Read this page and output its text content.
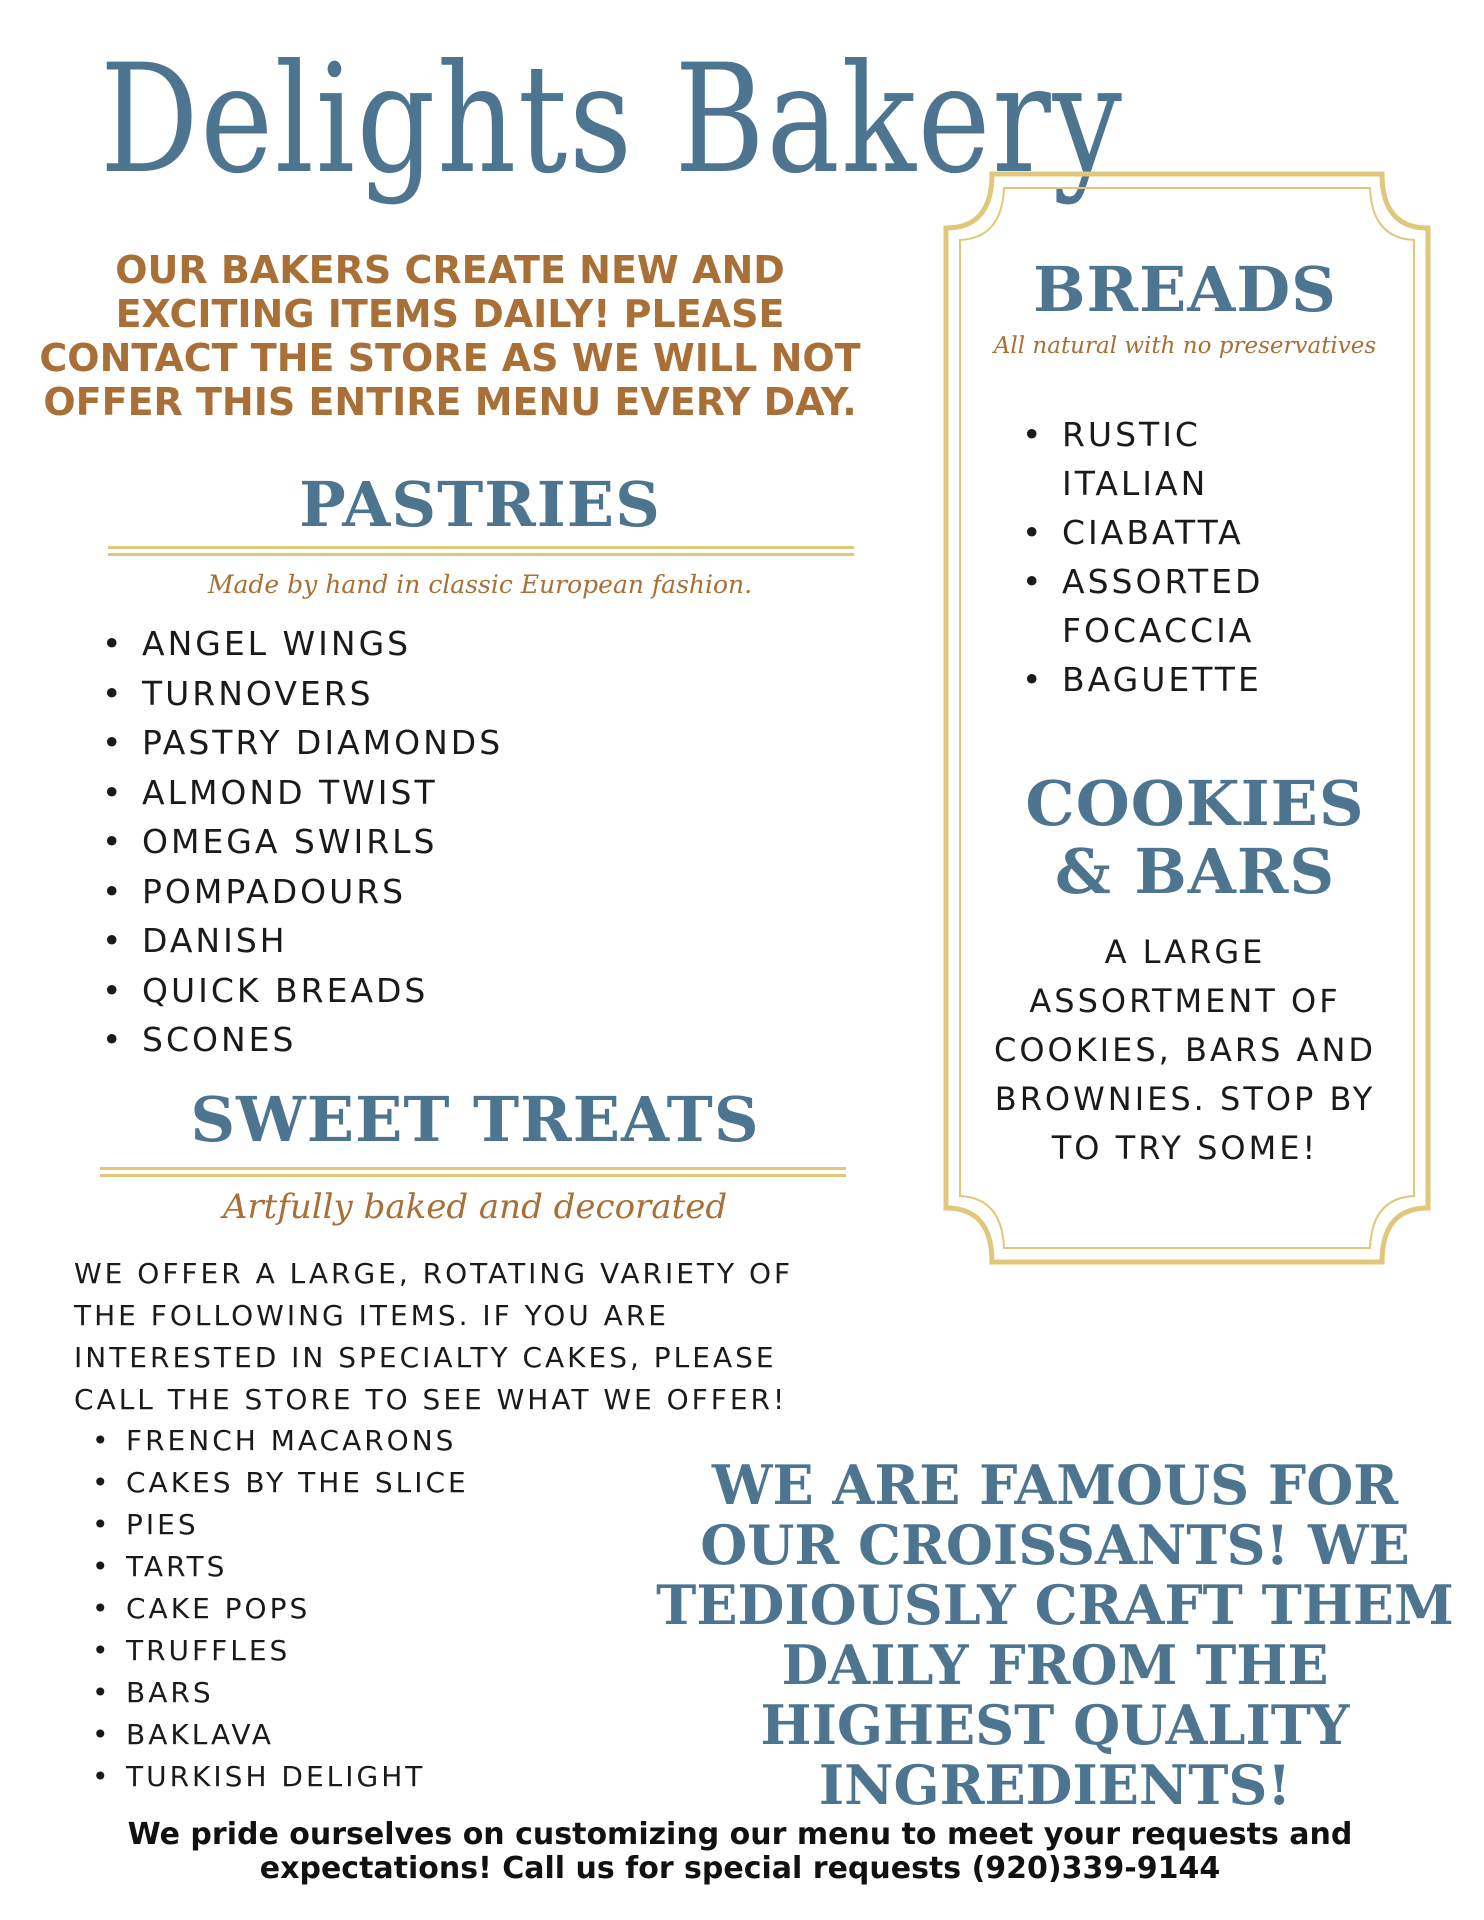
Delights Bakery
OUR BAKERS CREATE NEW AND EXCITING ITEMS DAILY! PLEASE CONTACT THE STORE AS WE WILL NOT OFFER THIS ENTIRE MENU EVERY DAY.
PASTRIES
Made by hand in classic European fashion.
• ANGEL WINGS
• TURNOVERS
• PASTRY DIAMONDS
• ALMOND TWIST
• OMEGA SWIRLS
• POMPADOURS
• DANISH
• QUICK BREADS
• SCONES
SWEET TREATS
Artfully baked and decorated
WE OFFER A LARGE, ROTATING VARIETY OF THE FOLLOWING ITEMS. IF YOU ARE INTERESTED IN SPECIALTY CAKES, PLEASE CALL THE STORE TO SEE WHAT WE OFFER!
• FRENCH MACARONS
• CAKES BY THE SLICE
• PIES
• TARTS
• CAKE POPS
• TRUFFLES
• BARS
• BAKLAVA
• TURKISH DELIGHT
BREADS
All natural with no preservatives
• RUSTIC ITALIAN
• CIABATTA
• ASSORTED FOCACCIA
• BAGUETTE
COOKIES & BARS
A LARGE ASSORTMENT OF COOKIES, BARS AND BROWNIES. STOP BY TO TRY SOME!
WE ARE FAMOUS FOR OUR CROISSANTS! WE TEDIOUSLY CRAFT THEM DAILY FROM THE HIGHEST QUALITY INGREDIENTS!
We pride ourselves on customizing our menu to meet your requests and expectations! Call us for special requests (920)339-9144
